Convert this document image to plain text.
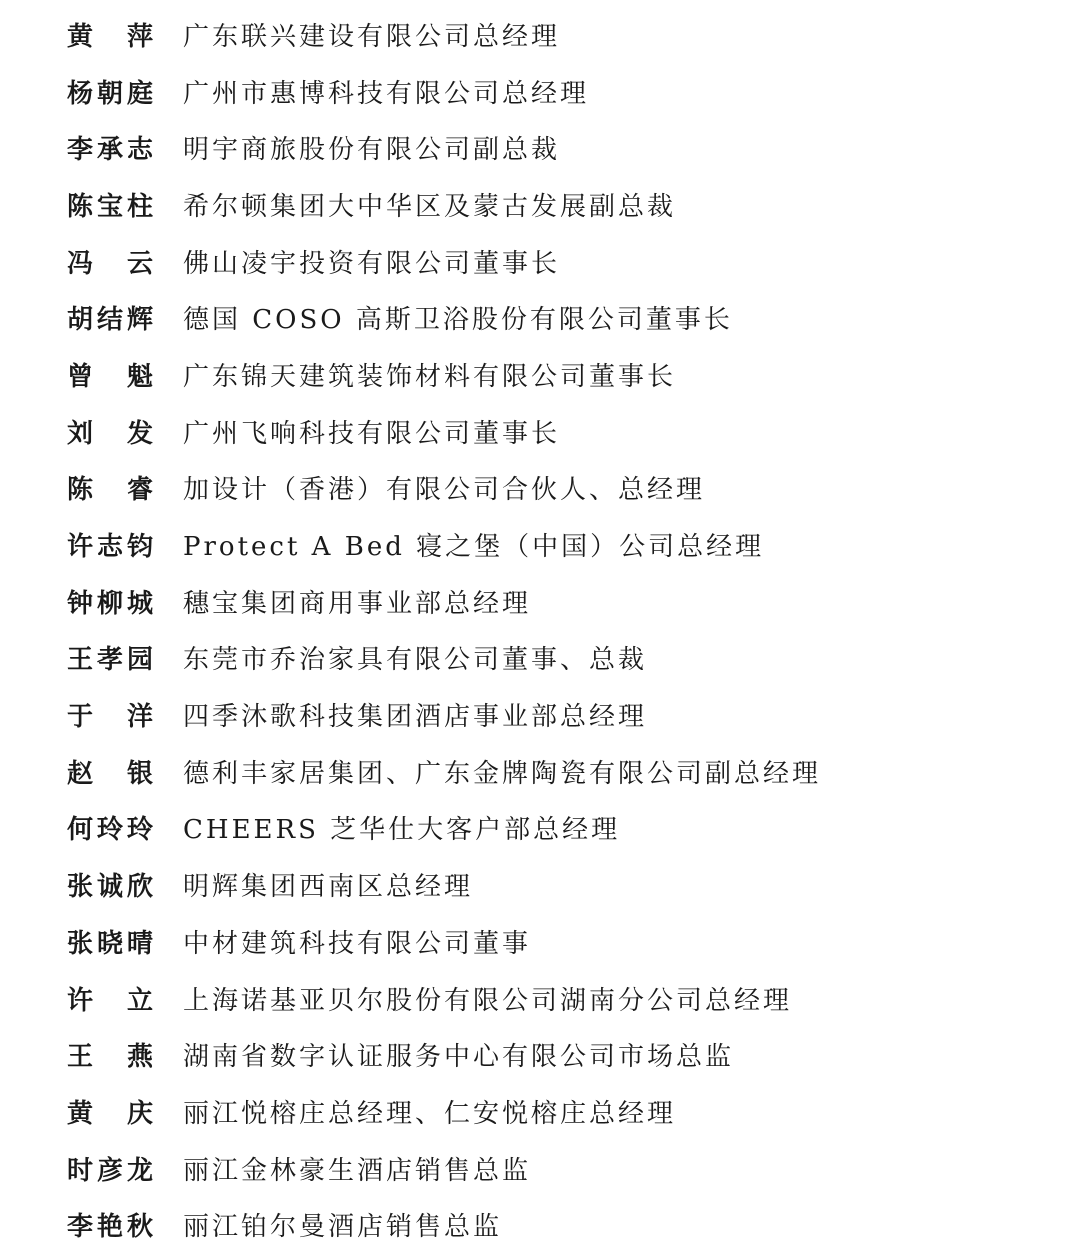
黄　萍 广东联兴建设有限公司总经理
杨朝庭 广州市惠博科技有限公司总经理
李承志 明宇商旅股份有限公司副总裁
陈宝柱 希尔顿集团大中华区及蒙古发展副总裁
冯　云 佛山凌宇投资有限公司董事长
胡结辉 德国 COSO 高斯卫浴股份有限公司董事长
曾　魁 广东锦天建筑装饰材料有限公司董事长
刘　发 广州飞响科技有限公司董事长
陈　睿 加设计（香港）有限公司合伙人、总经理
许志钧 Protect A Bed 寝之堡（中国）公司总经理
钟柳城 穗宝集团商用事业部总经理
王孝园 东莞市乔治家具有限公司董事、总裁
于　洋 四季沐歌科技集团酒店事业部总经理
赵　银 德利丰家居集团、广东金牌陶瓷有限公司副总经理
何玲玲 CHEERS 芝华仕大客户部总经理
张诚欣 明辉集团西南区总经理
张晓晴 中材建筑科技有限公司董事
许　立 上海诺基亚贝尔股份有限公司湖南分公司总经理
王　燕 湖南省数字认证服务中心有限公司市场总监
黄　庆 丽江悦榕庄总经理、仁安悦榕庄总经理
时彦龙 丽江金林豪生酒店销售总监
李艳秋 丽江铂尔曼酒店销售总监
